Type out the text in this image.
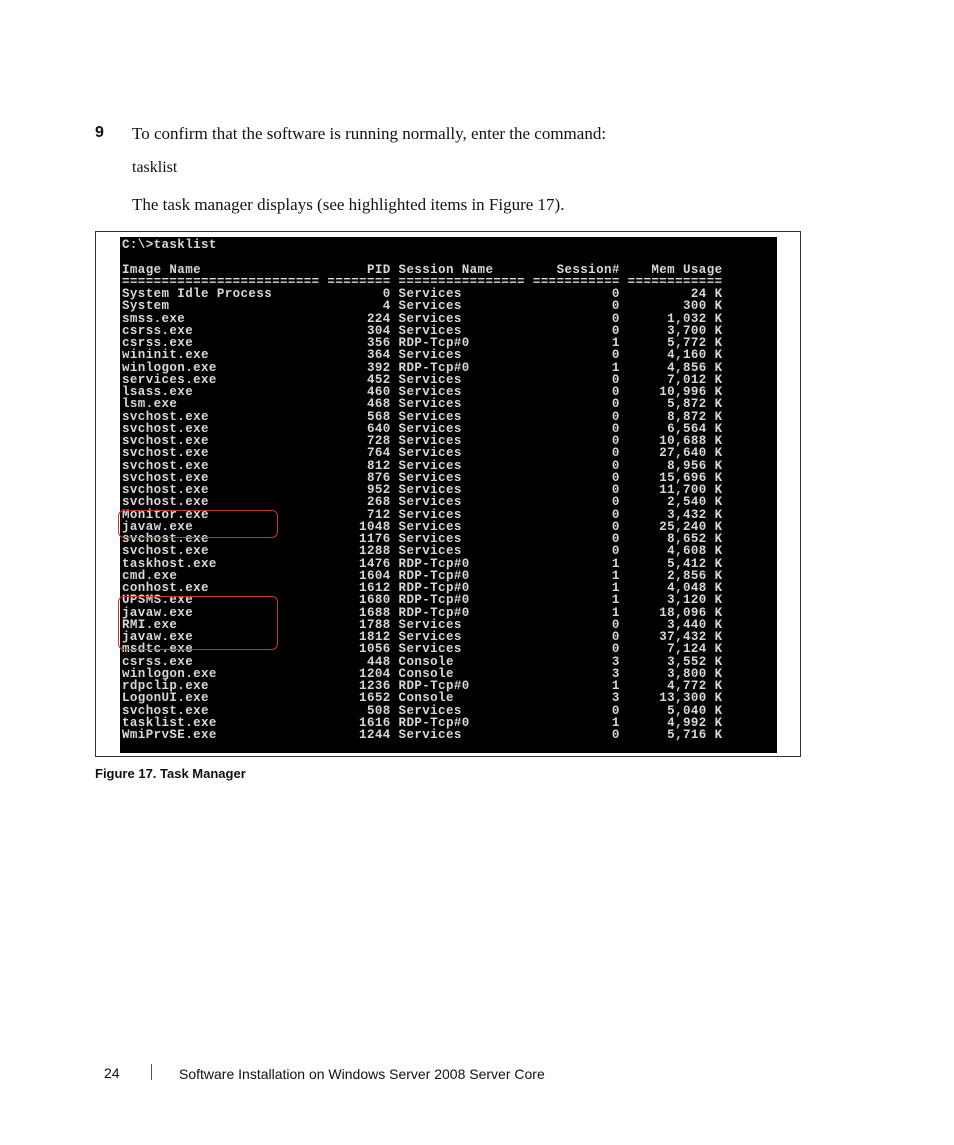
9 To confirm that the software is running normally, enter the command:
tasklist
The task manager displays (see highlighted items in Figure 17).
C:\>tasklist
Image Name                     PID Session Name        Session#    Mem Usage
========================= ======== ================ =========== ============
System Idle Process              0 Services                   0         24 K
System                           4 Services                   0        300 K
smss.exe                       224 Services                   0      1,032 K
csrss.exe                      304 Services                   0      3,700 K
csrss.exe                      356 RDP-Tcp#0                  1      5,772 K
wininit.exe                    364 Services                   0      4,160 K
winlogon.exe                   392 RDP-Tcp#0                  1      4,856 K
services.exe                   452 Services                   0      7,012 K
lsass.exe                      460 Services                   0     10,996 K
lsm.exe                        468 Services                   0      5,872 K
svchost.exe                    568 Services                   0      8,872 K
svchost.exe                    640 Services                   0      6,564 K
svchost.exe                    728 Services                   0     10,688 K
svchost.exe                    764 Services                   0     27,640 K
svchost.exe                    812 Services                   0      8,956 K
svchost.exe                    876 Services                   0     15,696 K
svchost.exe                    952 Services                   0     11,700 K
svchost.exe                    268 Services                   0      2,540 K
Monitor.exe                    712 Services                   0      3,432 K
javaw.exe                     1048 Services                   0     25,240 K
svchost.exe                   1176 Services                   0      8,652 K
svchost.exe                   1288 Services                   0      4,608 K
taskhost.exe                  1476 RDP-Tcp#0                  1      5,412 K
cmd.exe                       1604 RDP-Tcp#0                  1      2,856 K
conhost.exe                   1612 RDP-Tcp#0                  1      4,048 K
UPSMS.exe                     1680 RDP-Tcp#0                  1      3,120 K
javaw.exe                     1688 RDP-Tcp#0                  1     18,096 K
RMI.exe                       1788 Services                   0      3,440 K
javaw.exe                     1812 Services                   0     37,432 K
msdtc.exe                     1056 Services                   0      7,124 K
csrss.exe                      448 Console                    3      3,552 K
winlogon.exe                  1204 Console                    3      3,800 K
rdpclip.exe                   1236 RDP-Tcp#0                  1      4,772 K
LogonUI.exe                   1652 Console                    3     13,300 K
svchost.exe                    508 Services                   0      5,040 K
tasklist.exe                  1616 RDP-Tcp#0                  1      4,992 K
WmiPrvSE.exe                  1244 Services                   0      5,716 K
Figure 17. Task Manager
24	Software Installation on Windows Server 2008 Server Core
